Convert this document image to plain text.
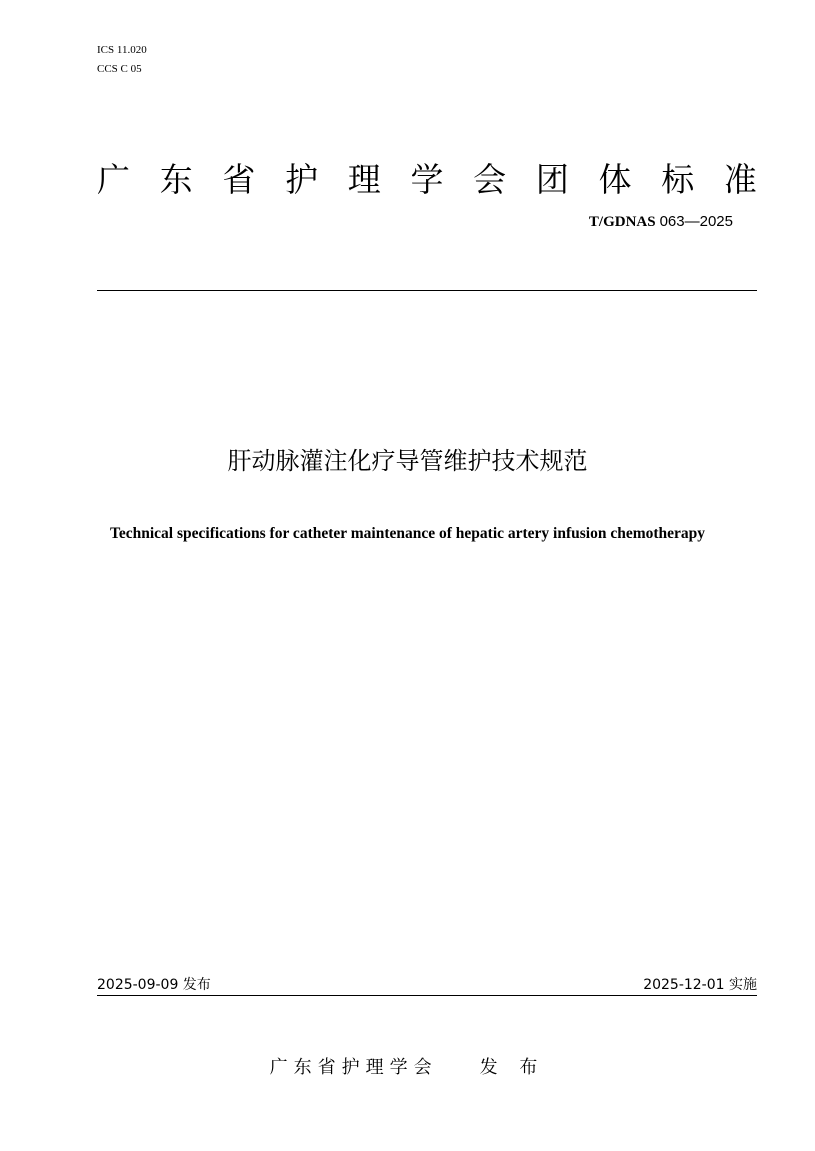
ICS 11.020
CCS C 05
广 东 省 护 理 学 会 团 体 标 准
T/GDNAS 063—2025
肝动脉灌注化疗导管维护技术规范
Technical specifications for catheter maintenance of hepatic artery infusion chemotherapy
2025-09-09 发布	2025-12-01 实施
广东省护理学会 发 布
